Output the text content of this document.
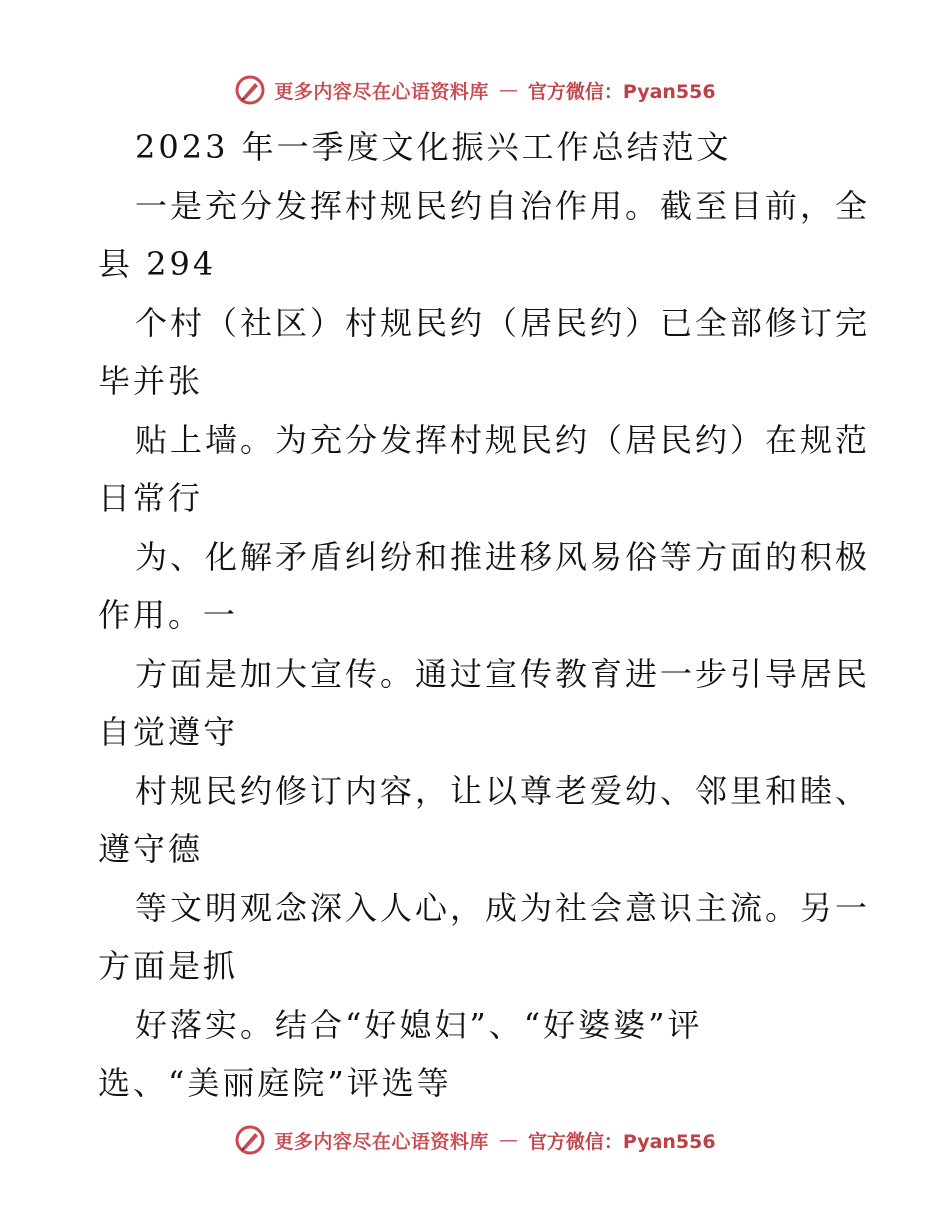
更多内容尽在心语资料库 — 官方微信：Pyan556
2023 年一季度文化振兴工作总结范文
一是充分发挥村规民约自治作用。截至目前，全
县 294
个村（社区）村规民约（居民约）已全部修订完
毕并张
贴上墙。为充分发挥村规民约（居民约）在规范
日常行
为、化解矛盾纠纷和推进移风易俗等方面的积极
作用。一
方面是加大宣传。通过宣传教育进一步引导居民
自觉遵守
村规民约修订内容，让以尊老爱幼、邻里和睦、
遵守德
等文明观念深入人心，成为社会意识主流。另一
方面是抓
好落实。结合“好媳妇”、“好婆婆”评
选、“美丽庭院”评选等
更多内容尽在心语资料库 — 官方微信：Pyan556
